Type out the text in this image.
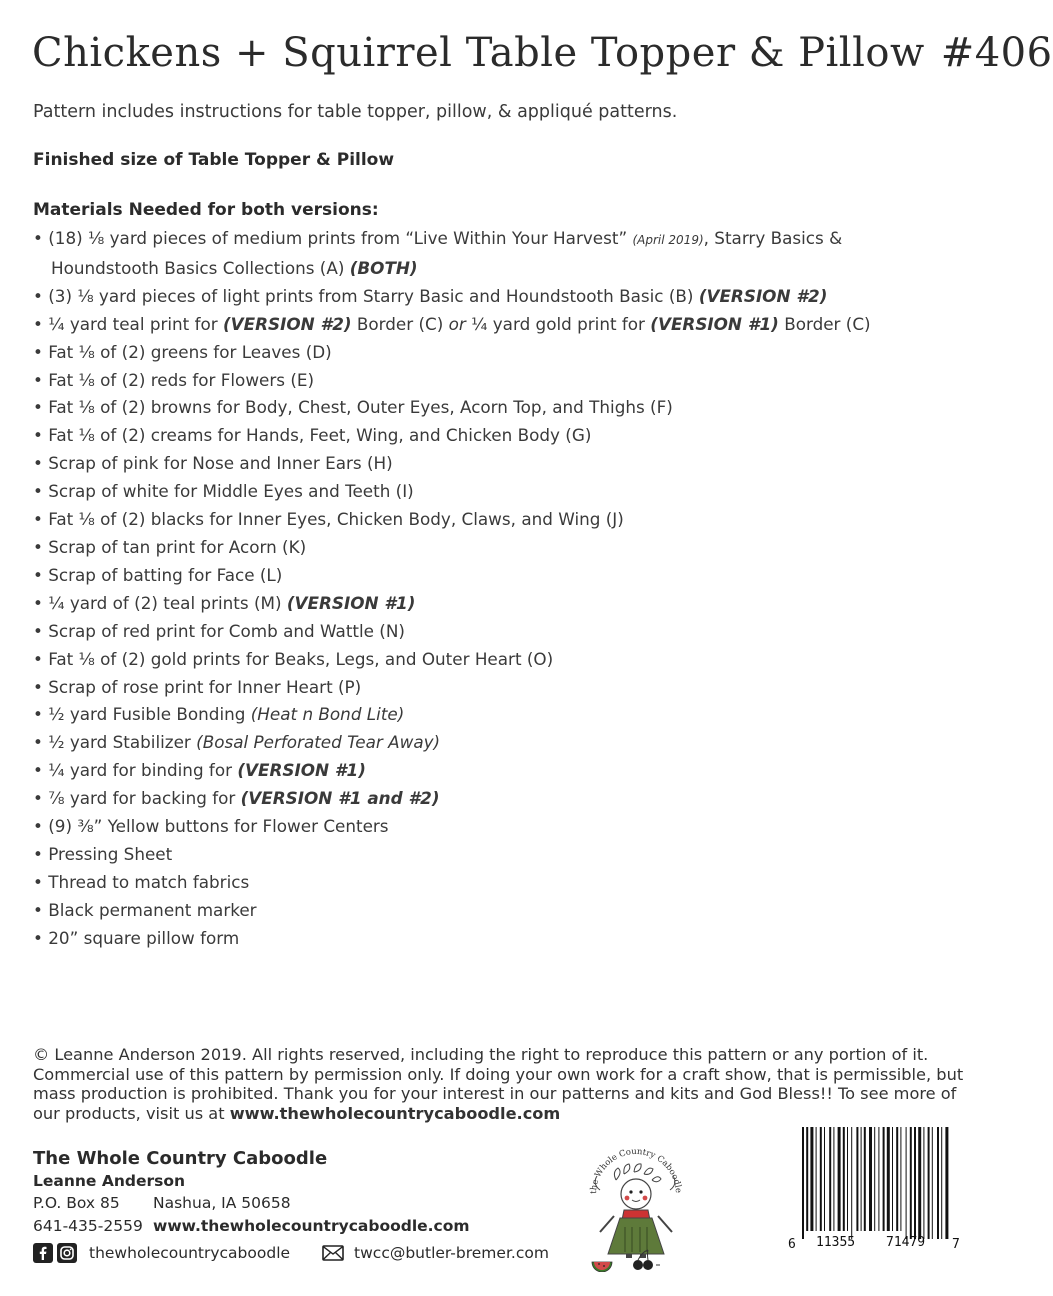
Chickens + Squirrel Table Topper & Pillow #406
Pattern includes instructions for table topper, pillow, & appliqué patterns.
Finished size of Table Topper & Pillow
Materials Needed for both versions:
• (18) ⅛ yard pieces of medium prints from “Live Within Your Harvest” (April 2019), Starry Basics &
Houndstooth Basics Collections (A) (BOTH)
• (3) ⅛ yard pieces of light prints from Starry Basic and Houndstooth Basic (B) (VERSION #2)
• ¼ yard teal print for (VERSION #2) Border (C) or ¼ yard gold print for (VERSION #1) Border (C)
• Fat ⅛ of (2) greens for Leaves (D)
• Fat ⅛ of (2) reds for Flowers (E)
• Fat ⅛ of (2) browns for Body, Chest, Outer Eyes, Acorn Top, and Thighs (F)
• Fat ⅛ of (2) creams for Hands, Feet, Wing, and Chicken Body (G)
• Scrap of pink for Nose and Inner Ears (H)
• Scrap of white for Middle Eyes and Teeth (I)
• Fat ⅛ of (2) blacks for Inner Eyes, Chicken Body, Claws, and Wing (J)
• Scrap of tan print for Acorn (K)
• Scrap of batting for Face (L)
• ¼ yard of (2) teal prints (M) (VERSION #1)
• Scrap of red print for Comb and Wattle (N)
• Fat ⅛ of (2) gold prints for Beaks, Legs, and Outer Heart (O)
• Scrap of rose print for Inner Heart (P)
• ½ yard Fusible Bonding (Heat n Bond Lite)
• ½ yard Stabilizer (Bosal Perforated Tear Away)
• ¼ yard for binding for (VERSION #1)
• ⅞ yard for backing for (VERSION #1 and #2)
• (9) ⅜” Yellow buttons for Flower Centers
• Pressing Sheet
• Thread to match fabrics
• Black permanent marker
• 20” square pillow form
© Leanne Anderson 2019. All rights reserved, including the right to reproduce this pattern or any portion of it. Commercial use of this pattern by permission only. If doing your own work for a craft show, that is permissible, but mass production is prohibited. Thank you for your interest in our patterns and kits and God Bless!! To see more of our products, visit us at www.thewholecountrycaboodle.com
The Whole Country Caboodle
Leanne Anderson
P.O. Box 85 Nashua, IA 50658
641-435-2559 www.thewholecountrycaboodle.com
thewholecountrycaboodle	twcc@butler-bremer.com
the Whole Country Caboodle
6 11355 71479 7
